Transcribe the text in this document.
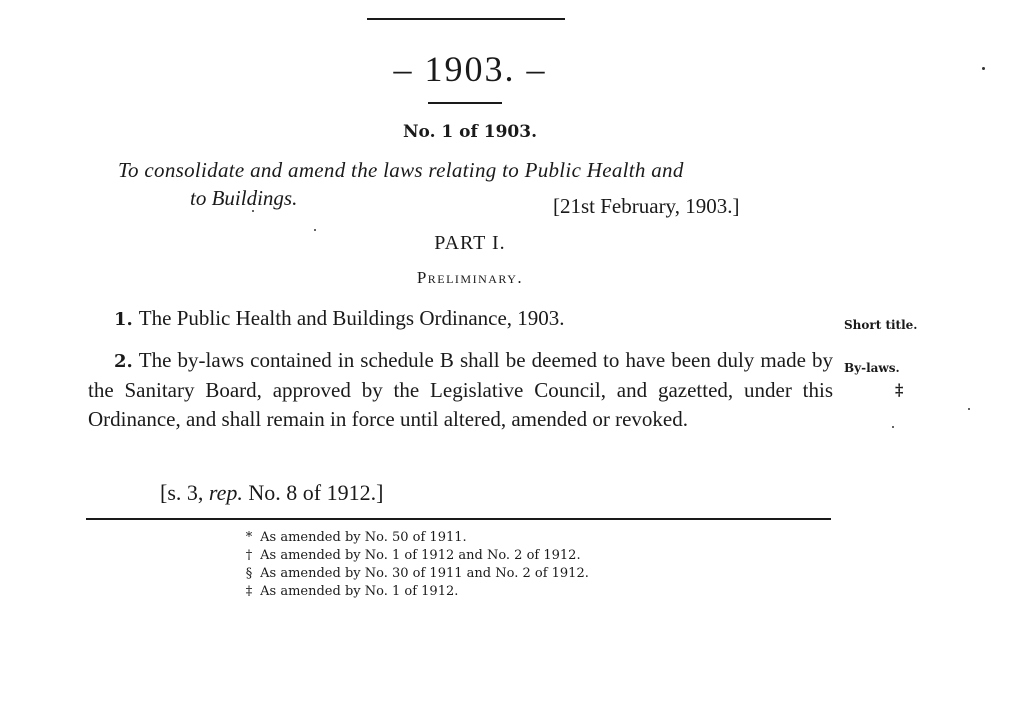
– 1903. –
No. 1 of 1903.
To consolidate and amend the laws relating to Public Health and
to Buildings.	[21st February, 1903.]
PART I.
Preliminary.
1. The Public Health and Buildings Ordinance, 1903.	Short title.
2. The by-laws contained in schedule B shall be deemed to have been duly made by the Sanitary Board, approved by the Legislative Council, and gazetted, under this Ordinance, and shall remain in force until altered, amended or revoked.
By-laws.
‡
[s. 3, rep. No. 8 of 1912.]
* As amended by No. 50 of 1911.
† As amended by No. 1 of 1912 and No. 2 of 1912.
§ As amended by No. 30 of 1911 and No. 2 of 1912.
‡ As amended by No. 1 of 1912.
